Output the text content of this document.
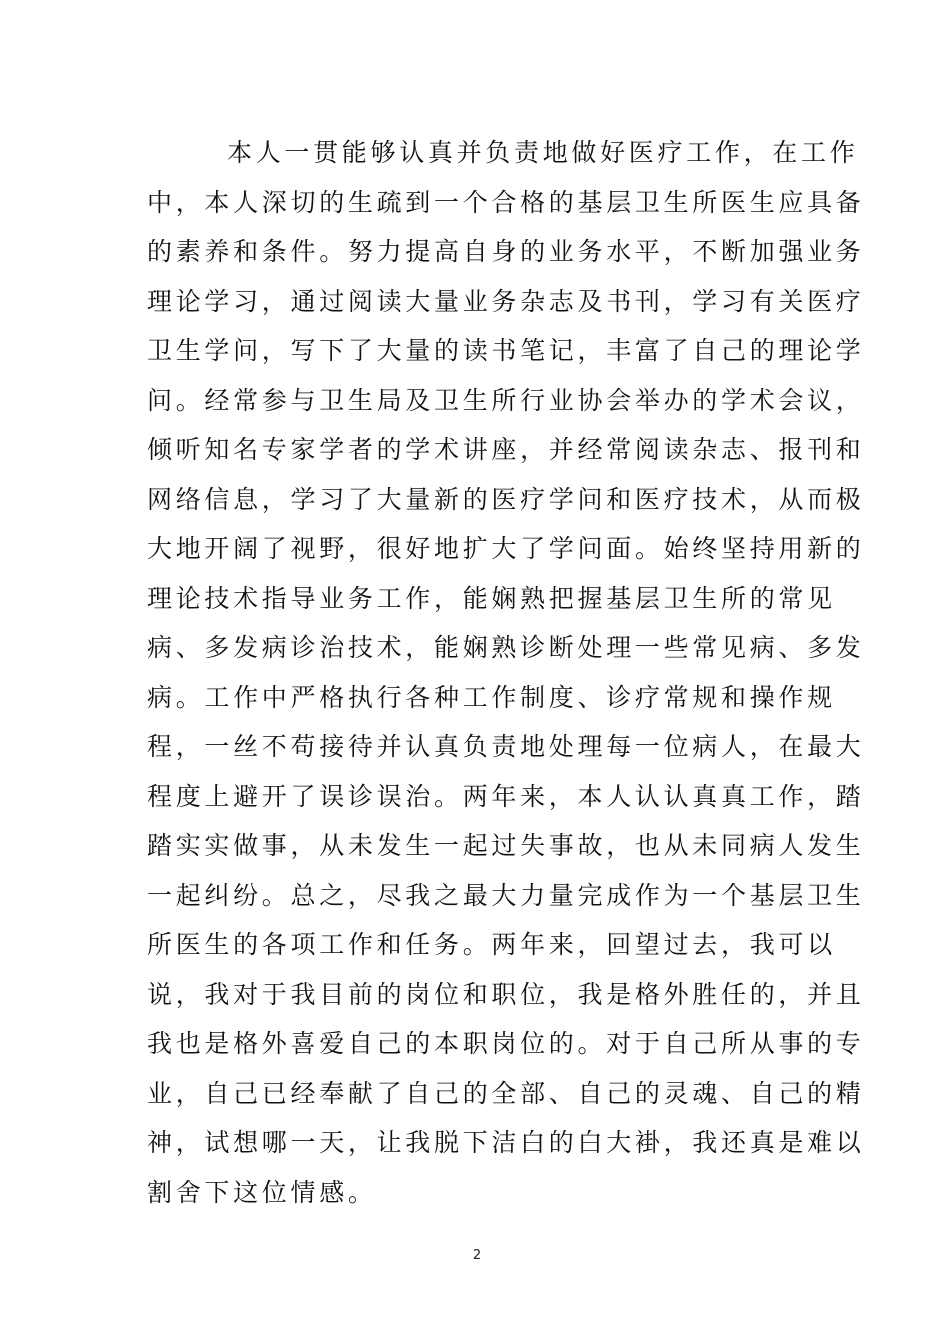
本人一贯能够认真并负责地做好医疗工作，在工作
中，本人深切的生疏到一个合格的基层卫生所医生应具备
的素养和条件。努力提高自身的业务水平，不断加强业务
理论学习，通过阅读大量业务杂志及书刊，学习有关医疗
卫生学问，写下了大量的读书笔记，丰富了自己的理论学
问。经常参与卫生局及卫生所行业协会举办的学术会议，
倾听知名专家学者的学术讲座，并经常阅读杂志、报刊和
网络信息，学习了大量新的医疗学问和医疗技术，从而极
大地开阔了视野，很好地扩大了学问面。始终坚持用新的
理论技术指导业务工作，能娴熟把握基层卫生所的常见
病、多发病诊治技术，能娴熟诊断处理一些常见病、多发
病。工作中严格执行各种工作制度、诊疗常规和操作规
程，一丝不苟接待并认真负责地处理每一位病人，在最大
程度上避开了误诊误治。两年来，本人认认真真工作，踏
踏实实做事，从未发生一起过失事故，也从未同病人发生
一起纠纷。总之，尽我之最大力量完成作为一个基层卫生
所医生的各项工作和任务。两年来，回望过去，我可以
说，我对于我目前的岗位和职位，我是格外胜任的，并且
我也是格外喜爱自己的本职岗位的。对于自己所从事的专
业，自己已经奉献了自己的全部、自己的灵魂、自己的精
神，试想哪一天，让我脱下洁白的白大褂，我还真是难以
割舍下这位情感。
2
